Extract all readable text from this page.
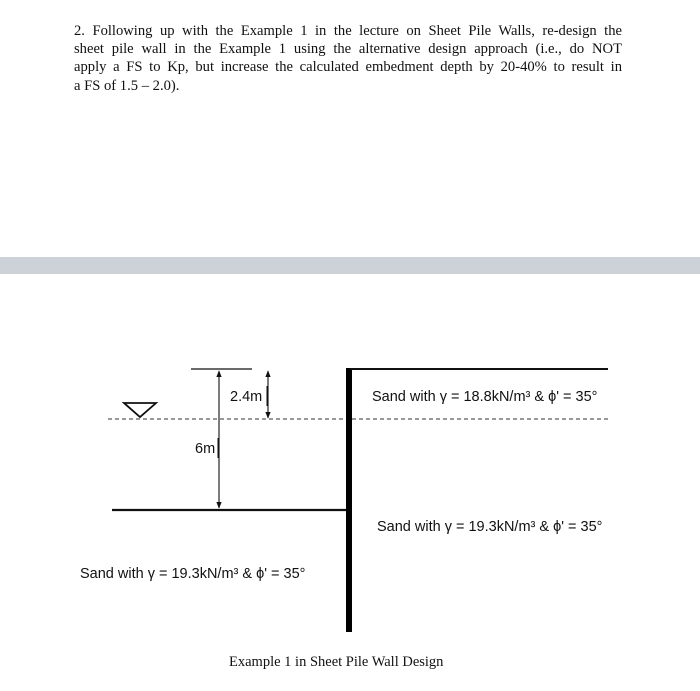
2. Following up with the Example 1 in the lecture on Sheet Pile Walls, re-design the
sheet pile wall in the Example 1 using the alternative design approach (i.e., do NOT
apply a FS to Kp, but increase the calculated embedment depth by 20-40% to result in
a FS of 1.5 – 2.0).

2.4m
6m
Sand with γ = 18.8kN/m³ & ϕ' = 35°
Sand with γ = 19.3kN/m³ & ϕ' = 35°
Sand with γ = 19.3kN/m³ & ϕ' = 35°
Example 1 in Sheet Pile Wall Design
